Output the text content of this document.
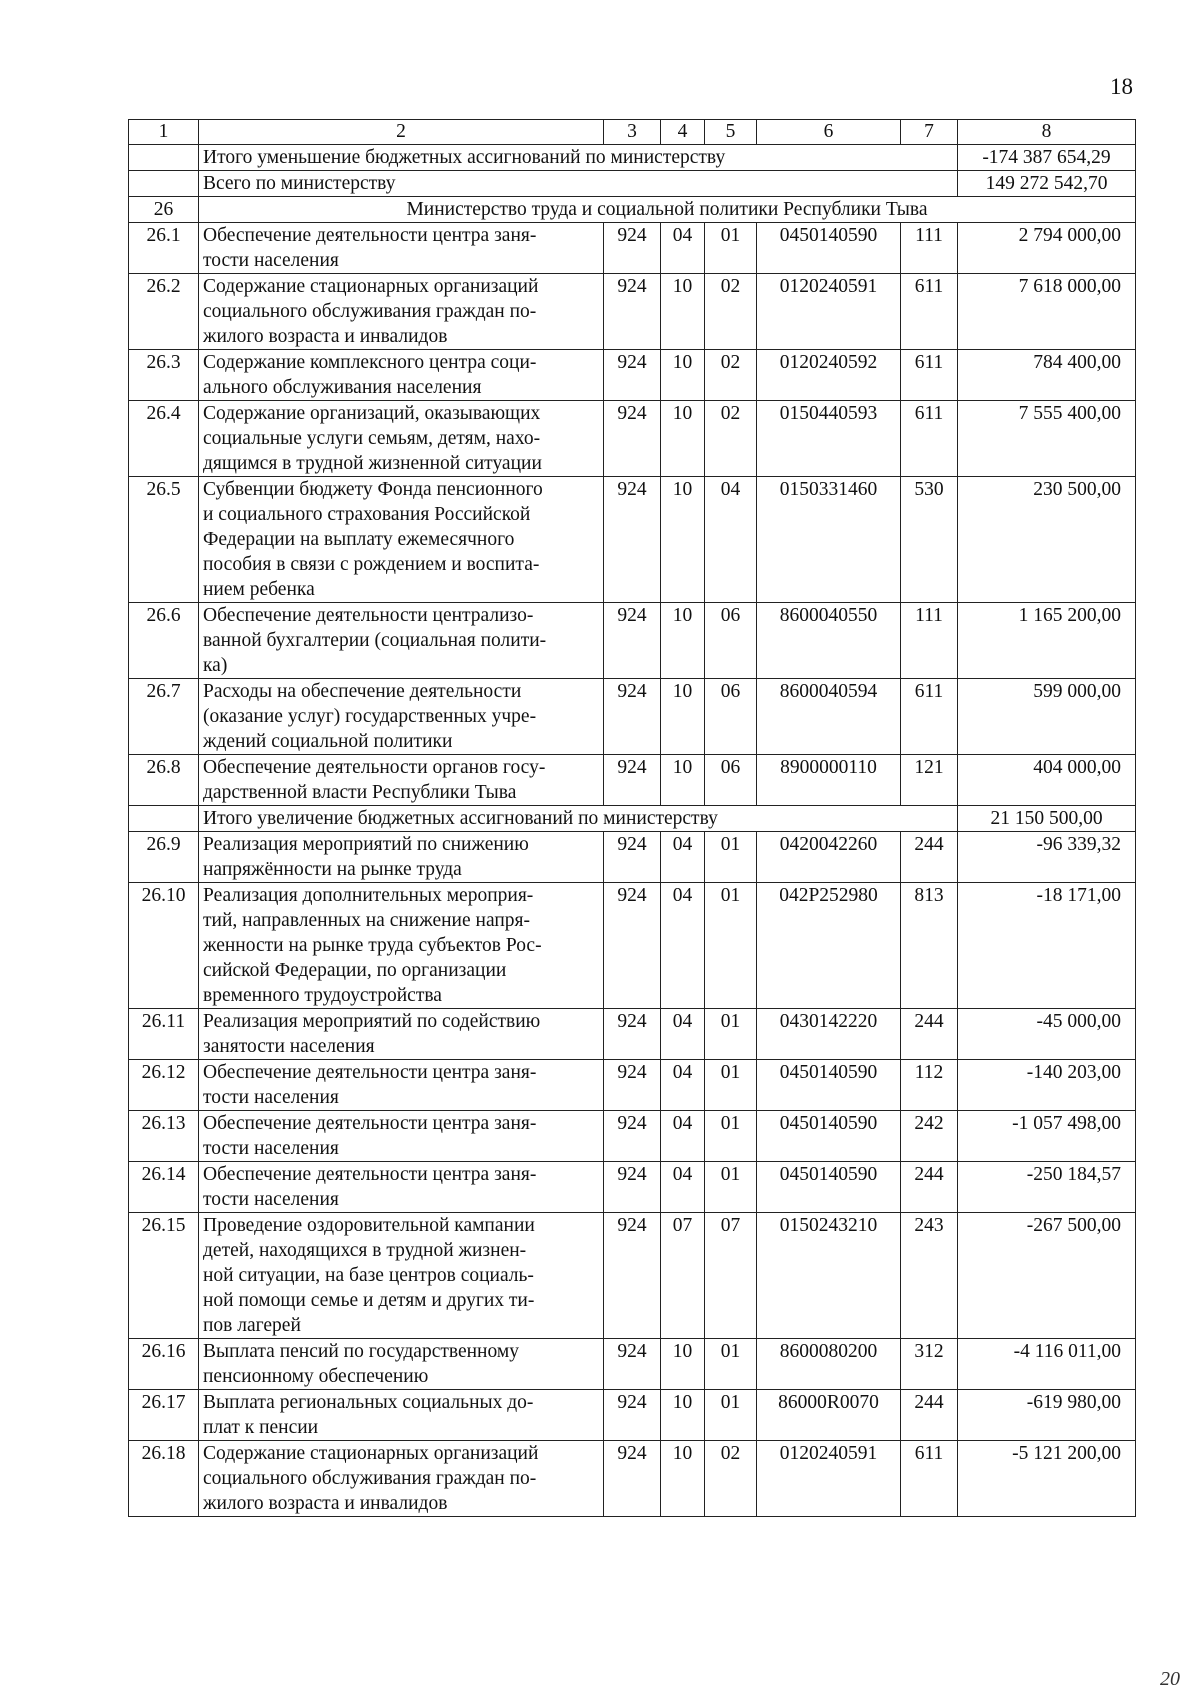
18
1	2	3	4	5	6	7	8
	Итого уменьшение бюджетных ассигнований по министерству						-174 387 654,29
	Всего по министерству						149 272 542,70
26	Министерство труда и социальной политики Республики Тыва						
26.1	Обеспечение деятельности центра заня-
тости населения	924	04	01	0450140590	111	2 794 000,00
26.2	Содержание стационарных организаций
социального обслуживания граждан по-
жилого возраста и инвалидов	924	10	02	0120240591	611	7 618 000,00
26.3	Содержание комплексного центра соци-
ального обслуживания населения	924	10	02	0120240592	611	784 400,00
26.4	Содержание организаций, оказывающих
социальные услуги семьям, детям, нахо-
дящимся в трудной жизненной ситуации	924	10	02	0150440593	611	7 555 400,00
26.5	Субвенции бюджету Фонда пенсионного
и социального страхования Российской
Федерации на выплату ежемесячного
пособия в связи с рождением и воспита-
нием ребенка	924	10	04	0150331460	530	230 500,00
26.6	Обеспечение деятельности централизо-
ванной бухгалтерии (социальная полити-
ка)	924	10	06	8600040550	111	1 165 200,00
26.7	Расходы на обеспечение деятельности
(оказание услуг) государственных учре-
ждений социальной политики	924	10	06	8600040594	611	599 000,00
26.8	Обеспечение деятельности органов госу-
дарственной власти Республики Тыва	924	10	06	8900000110	121	404 000,00
	Итого увеличение бюджетных ассигнований по министерству						21 150 500,00
26.9	Реализация мероприятий по снижению
напряжённости на рынке труда	924	04	01	0420042260	244	-96 339,32
26.10	Реализация дополнительных мероприя-
тий, направленных на снижение напря-
женности на рынке труда субъектов Рос-
сийской Федерации, по организации
временного трудоустройства	924	04	01	042P252980	813	-18 171,00
26.11	Реализация мероприятий по содействию
занятости населения	924	04	01	0430142220	244	-45 000,00
26.12	Обеспечение деятельности центра заня-
тости населения	924	04	01	0450140590	112	-140 203,00
26.13	Обеспечение деятельности центра заня-
тости населения	924	04	01	0450140590	242	-1 057 498,00
26.14	Обеспечение деятельности центра заня-
тости населения	924	04	01	0450140590	244	-250 184,57
26.15	Проведение оздоровительной кампании
детей, находящихся в трудной жизнен-
ной ситуации, на базе центров социаль-
ной помощи семье и детям и других ти-
пов лагерей	924	07	07	0150243210	243	-267 500,00
26.16	Выплата пенсий по государственному
пенсионному обеспечению	924	10	01	8600080200	312	-4 116 011,00
26.17	Выплата региональных социальных до-
плат к пенсии	924	10	01	86000R0070	244	-619 980,00
26.18	Содержание стационарных организаций
социального обслуживания граждан по-
жилого возраста и инвалидов	924	10	02	0120240591	611	-5 121 200,00
20
